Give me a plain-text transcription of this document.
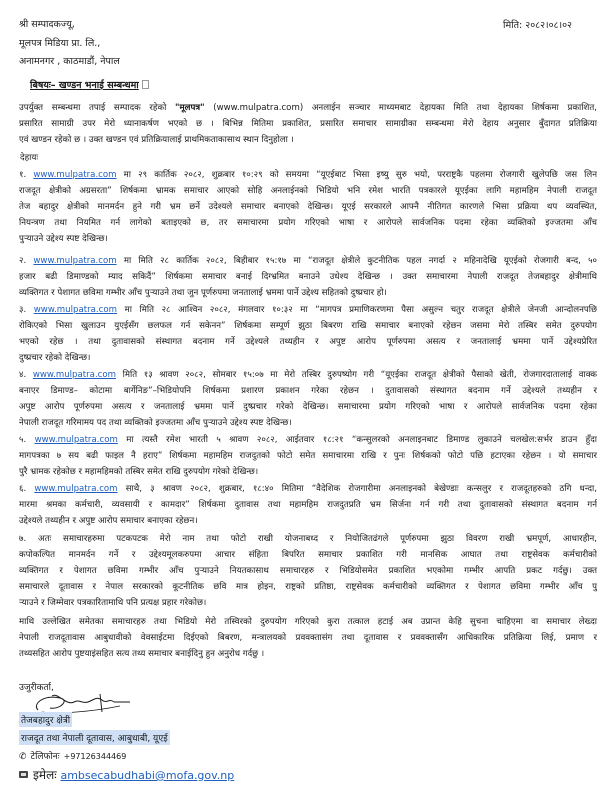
श्री सम्पादकज्यू,
मूलपत्र मिडिया प्रा. लि.,
अनामनगर , काठमाडौं, नेपाल
मिति: २०८२।०८।०२
बिषयः– खण्डन भनाई सम्बन्धमा
उपर्युक्त सम्बन्धमा तपाई सम्पादक रहेको "मूलपत्र" (www.mulpatra.com) अनलाईन सञ्चार माध्यमबाट देहायका मिति तथा देहायका शिर्षकमा प्रकाशित,
प्रसारित सामाग्री उपर मेरो ध्यानाकर्षण भएको छ । बिभिन्न मितिमा प्रकाशित, प्रसारित समाचार सामाग्रीका सम्बन्धमा मेरो देहाय अनुसार बुँदागत प्रतिक्रिया
एवं खण्डन रहेको छ । उक्त खण्डन एवं प्रतिक्रियालाई प्राथमिकताकासाथ स्थान दिनुहोला ।
देहायः
१. www.mulpatra.com मा २९ कार्तिक २०८२, शुक्रबार १०:२९ को समयमा “यूएईबाट भिसा इष्यु सुरु भयो, परराष्ट्रकै पहलमा रोजगारी खुलेपछि जस लिन
राजदूत क्षेत्रीको अग्रसरता” शिर्षकमा भ्रामक समाचार आएको सोहि अनलाईनको भिडियो भनि रमेश भारति पत्रकारले यूएईका लागि महामहिम नेपाली राजदूत
तेज बहादुर क्षेत्रीको मानमर्दन हुने गरी भ्रम छर्ने उदेश्यले समाचार बनाएको देखिन्छ। यूएई सरकारले आफ्नै नीतिगत कारणले भिसा प्रक्रिया थप व्यवस्थित,
नियन्त्रण तथा नियमित गर्न लागेको बताइएको छ, तर समाचारमा प्रयोग गरिएको भाषा र आरोपले सार्वजनिक पदमा रहेका व्यक्तिको इज्जतमा आँच
पुऱ्याउने उद्देश्य स्पष्ट देखिन्छ।
२. www.mulpatra.com मा मिति २८ कार्तिक २०८२, बिहीबार १५:१७ मा “राजदूत क्षेत्रीले कुटनीतिक पहल नगर्दा २ महिनादेखि यूएईको रोजगारी बन्द, ५०
हजार बढी डिमाण्डको म्याद सकिदैं” शिर्षकमा समाचार बनाई दिग्भ्रमित बनाउने उधेश्य देखिन्छ । उक्त समाचारमा नेपाली राजदूत तेजबहादुर क्षेत्रीमाथि
व्यक्तिगत र पेशागत छविमा गम्भीर आँच पुऱ्याउने तथा जुन पूर्णरुपमा जनतालाई भ्रममा पार्ने उद्देश्य सहितको दुष्प्रचार हो।
३. www.mulpatra.com मा मिति २८ आश्विन २०८२, मंगलवार १०:३२ मा “मागपत्र प्रमाणिकरणमा पैसा असुल्न चतुर राजदूत क्षेत्रीले जेनजी आन्दोलनपछि
रोकिएको भिसा खुलाउन युएईसँग छलफल गर्न सकेनन” शिर्षकमा सम्पूर्ण झुठा बिबरण राखि समाचार बनाएको रहेछन जसमा मेरो तस्बिर समेत दुरुपयोग
भएको रहेछ । तथा दुतावासको संस्थागत बदनाम गर्ने उद्देश्यले तथ्यहीन र अपुष्ट आरोप पूर्णरुपमा असत्य र जनतालाई भ्रममा पार्ने उद्देश्यप्रेरित
दुष्प्रचार रहेको देखिन्छ।
४. www.mulpatra.com मिति १३ श्रावण २०८२, सोमबार १५:०७ मा मेरो तस्बिर दुरुपष्योग गरी “यूएईका राजदूत क्षेत्रीको पैसाको खेती, रोजगारदातालाई वाक्क
बनाएर डिमाण्ड– कोटामा बार्गेनिङ”–भिडियोपनि शिर्षकमा प्रशारण प्रकाशन गरेका रहेछन । दुतावासको संस्थागत बदनाम गर्ने उद्देश्यले तथ्यहीन र
अपुष्ट आरोप पूर्णरुपमा असत्य र जनतालाई भ्रममा पार्ने दुष्प्रचार गरेको देखिन्छ। समाचारमा प्रयोग गरिएको भाषा र आरोपले सार्वजनिक पदमा रहेका
नेपाली राजदूत गरिमामय पद तथा व्यक्तिको इज्जतमा आँच पुऱ्याउने उद्देश्य स्पष्ट देखिन्छ।
५. www.mulpatra.com मा त्यस्तै रमेश भारती ५ श्रावण २०८२, आईतवार १८:२१ “कन्सुलरको अनलाइनबाट डिमाण्ड लुकाउने चलखेल:सर्भर डाउन हुँदा
मागपत्रका ७ सय बढी फाइल नै हराए” शिर्षकमा महामहिम राजदुतको फोटो समेत समाचारमा राखि र पुनः शिर्षकको फोटो पछि हटाएका रहेछन । यो समाचार
पुरै भ्रामक रहेकोछ र महामहिमको तस्बिर समेत राखि दुरुपयोग गरेको देखिन्छ।
६. www.mulpatra.com साथै, ३ श्रावण २०८२, शुक्रबार, १८:४० मितिमा “वैदेशिक रोजगारीमा अनलाइनको बेखेण्डाः कन्सलुर र राजदूतहरुको ठगि धन्दा,
मारमा श्रमका कर्मचारी, व्यवसायी र कामदार” शिर्षकमा दुतावास तथा महामहिम राजदुतप्रति भ्रम सिर्जना गर्न गरी तथा दुतावासको संस्थागत बदनाम गर्न
उद्देश्यले तथ्यहीन र अपुष्ट आरोप समाचार बनाएका रहेछन।
७. अतः समाचारहरुमा पटकपटक मेरो नाम तथा फोटो राखी योजनाबध्द र नियोजितढंगले पूर्णरुपमा झुठा विवरण राखी भ्रमपूर्ण, आधारहीन,
कपोकल्पित मानमर्दन गर्ने र उद्देश्यमूलकरुपमा आचार संहिता बिपरित समाचार प्रकाशित गरी मानसिक आघात तथा राष्ट्रसेवक कर्मचारीको
व्यक्तिगत र पेशागत छविमा गम्भीर आँच पुऱ्याउने नियतकासाथ समाचारहरु र भिडियोसमेत प्रकाशित भएकोमा गम्भीर आपति प्रकट गर्दछु। उक्त
समाचारले दूतावास र नेपाल सरकारको कूटनीतिक छवि मात्र होइन, राष्ट्रको प्रतिष्ठा, राष्ट्रसेवक कर्मचारीको व्यक्तिगत र पेशागत छविमा गम्भीर आँच पु
ऱ्याउने र जिम्मेवार पत्रकारितामाथि पनि प्रत्यक्ष प्रहार गरेकोछ।
माथि उल्लेखित समेतका समाचारहरु तथा भिडियो मेरो तस्विरको दुरुपयोग गरिएको कुरा तत्काल हटाई अब उप्रान्त केहि सुचना चाहिएमा वा समाचार लेख्दा
नेपाली राजदूतावास आबुधावीको वेवसाईटमा दिईएको बिबरण, मन्त्रालयको प्रववक्तासंग तथा दूतावास र प्रववक्तासँग आधिकारिक प्रतिक्रिया लिई, प्रमाण र
तथ्यसहित आरोप पुष्टयाइंसहित सत्य तथ्य समाचार बनाईदिनु हुन अनुरोध गर्दछु ।
उजुरीकर्ता,
तेजबहादुर क्षेत्री
राजदूत तथा नेपाली दूतावास, आबुधाबी, यूएई
✆ टेलिफोनः +97126344469
इमेलः ambsecabudhabi@mofa.gov.np
